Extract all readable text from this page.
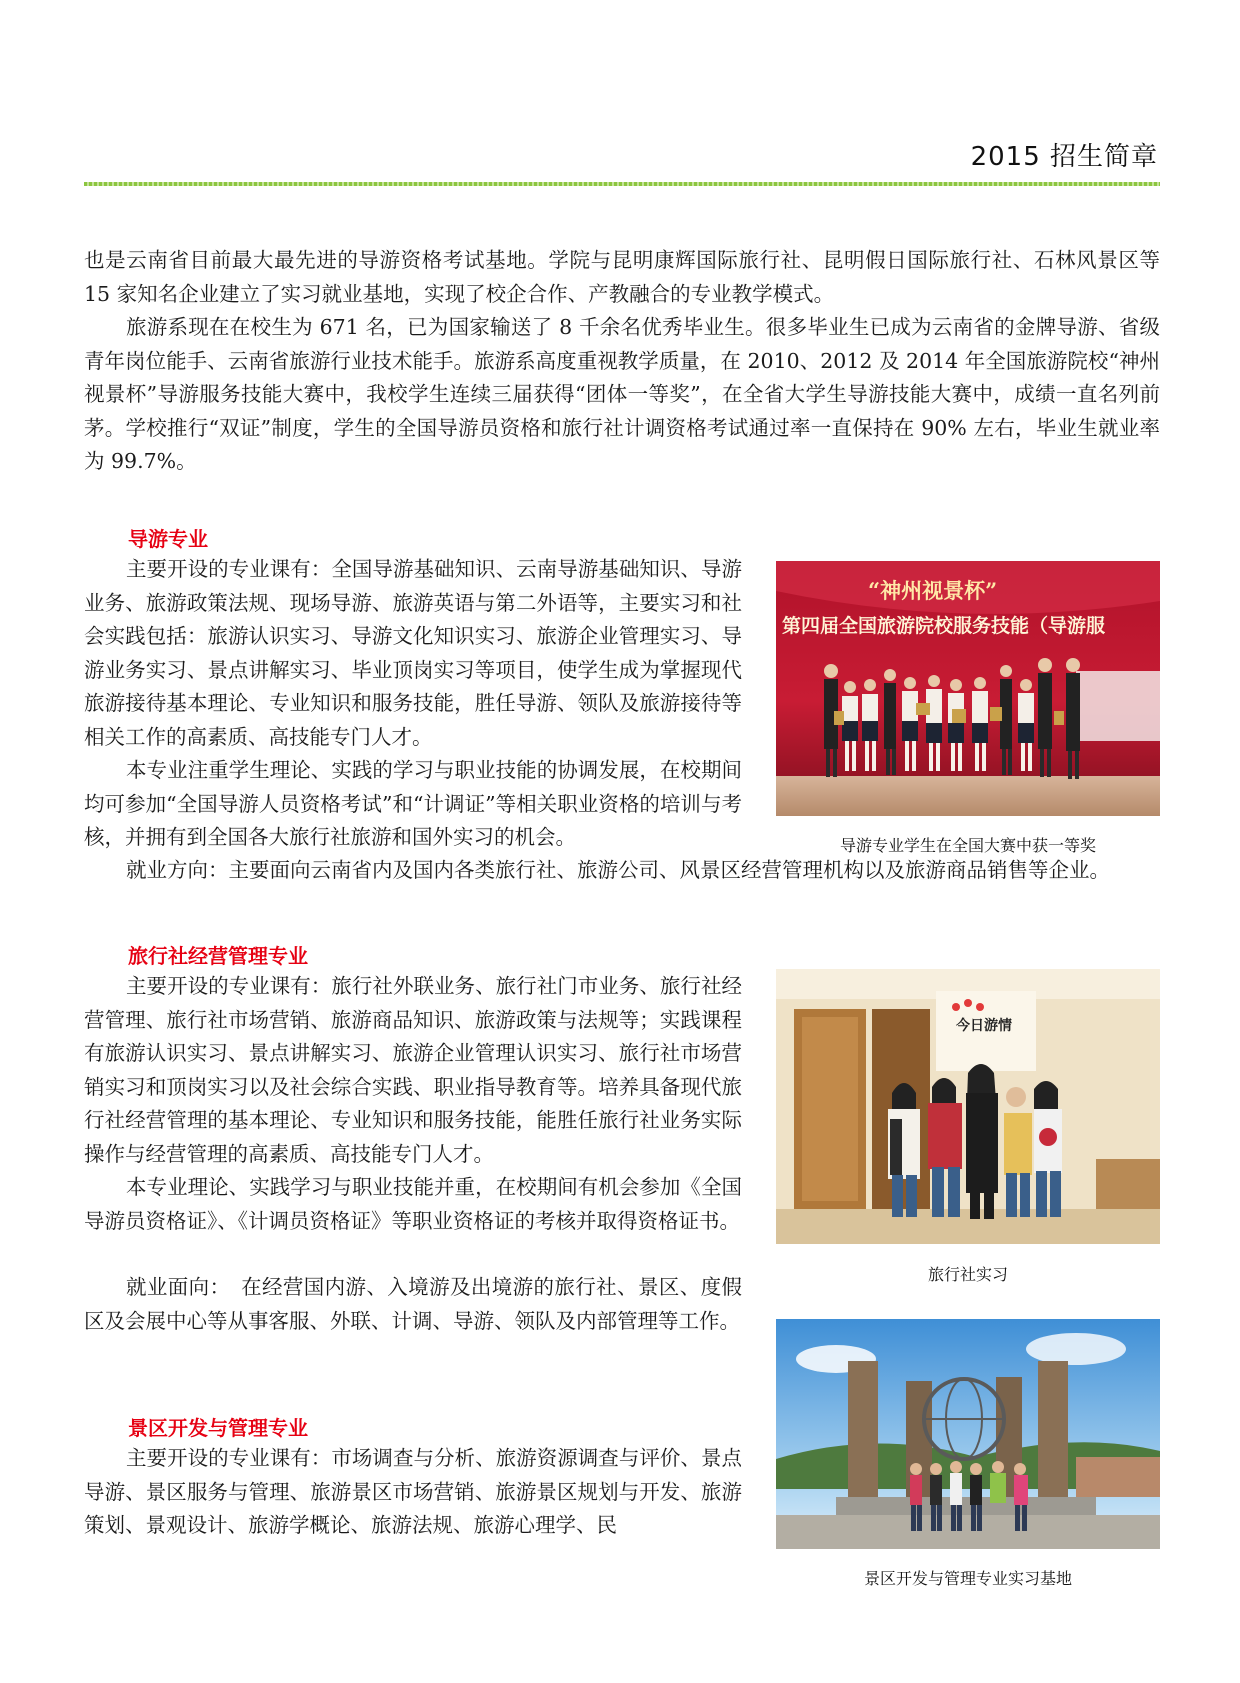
2015 招生简章

也是云南省目前最大最先进的导游资格考试基地。学院与昆明康辉国际旅行社、昆明假日国际旅行社、石林风景区等 15 家知名企业建立了实习就业基地，实现了校企合作、产教融合的专业教学模式。

旅游系现在在校生为 671 名，已为国家输送了 8 千余名优秀毕业生。很多毕业生已成为云南省的金牌导游、省级青年岗位能手、云南省旅游行业技术能手。旅游系高度重视教学质量，在 2010、2012 及 2014 年全国旅游院校“神州视景杯”导游服务技能大赛中，我校学生连续三届获得“团体一等奖”，在全省大学生导游技能大赛中，成绩一直名列前茅。学校推行“双证”制度，学生的全国导游员资格和旅行社计调资格考试通过率一直保持在 90% 左右，毕业生就业率为 99.7%。

导游专业

主要开设的专业课有：全国导游基础知识、云南导游基础知识、导游业务、旅游政策法规、现场导游、旅游英语与第二外语等，主要实习和社会实践包括：旅游认识实习、导游文化知识实习、旅游企业管理实习、导游业务实习、景点讲解实习、毕业顶岗实习等项目，使学生成为掌握现代旅游接待基本理论、专业知识和服务技能，胜任导游、领队及旅游接待等相关工作的高素质、高技能专门人才。

本专业注重学生理论、实践的学习与职业技能的协调发展，在校期间均可参加“全国导游人员资格考试”和“计调证”等相关职业资格的培训与考核，并拥有到全国各大旅行社旅游和国外实习的机会。

就业方向：主要面向云南省内及国内各类旅行社、旅游公司、风景区经营管理机构以及旅游商品销售等企业。

“神州视景杯”
第四届全国旅游院校服务技能（导游服

导游专业学生在全国大赛中获一等奖

旅行社经营管理专业

主要开设的专业课有：旅行社外联业务、旅行社门市业务、旅行社经营管理、旅行社市场营销、旅游商品知识、旅游政策与法规等；实践课程有旅游认识实习、景点讲解实习、旅游企业管理认识实习、旅行社市场营销实习和顶岗实习以及社会综合实践、职业指导教育等。培养具备现代旅行社经营管理的基本理论、专业知识和服务技能，能胜任旅行社业务实际操作与经营管理的高素质、高技能专门人才。

本专业理论、实践学习与职业技能并重，在校期间有机会参加《全国导游员资格证》、《计调员资格证》等职业资格证的考核并取得资格证书。

就业面向：　在经营国内游、入境游及出境游的旅行社、景区、度假区及会展中心等从事客服、外联、计调、导游、领队及内部管理等工作。

今日游情

旅行社实习

景区开发与管理专业

主要开设的专业课有：市场调查与分析、旅游资源调查与评价、景点导游、景区服务与管理、旅游景区市场营销、旅游景区规划与开发、旅游策划、景观设计、旅游学概论、旅游法规、旅游心理学、民

景区开发与管理专业实习基地
